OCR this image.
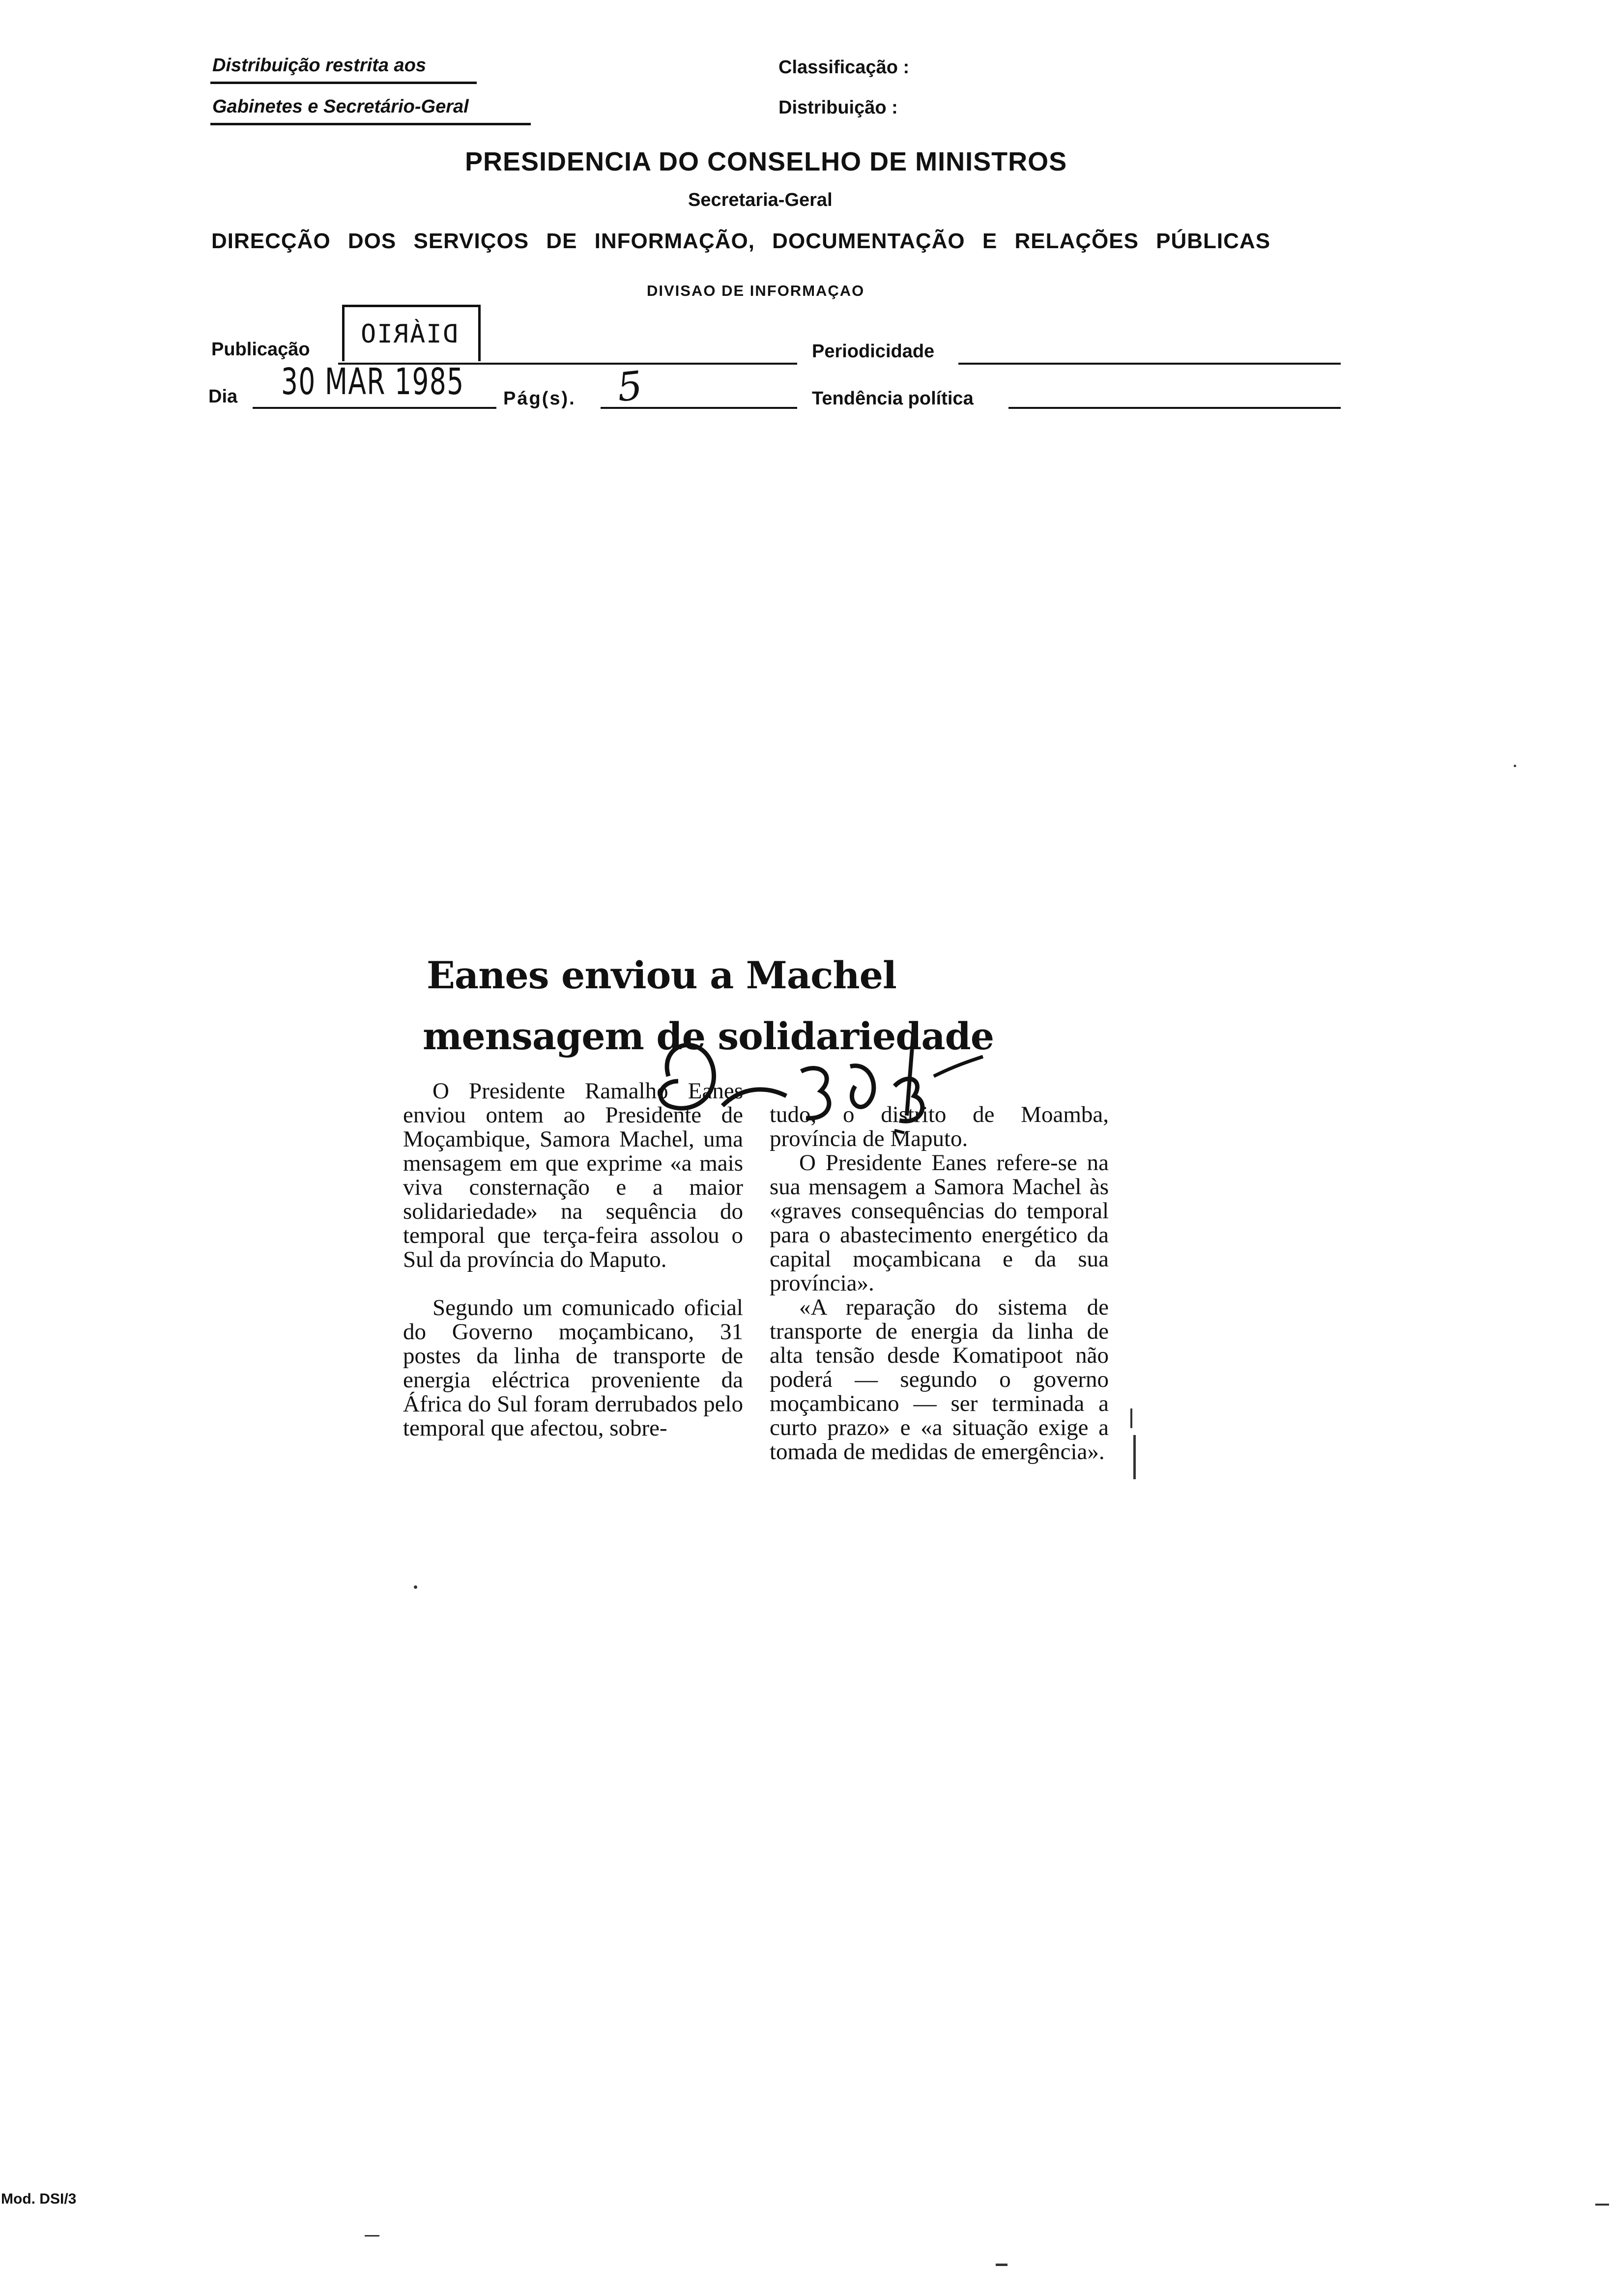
Distribuição restrita aos
Gabinetes e Secretário-Geral
Classificação :
Distribuição :
PRESIDENCIA DO CONSELHO DE MINISTROS
Secretaria-Geral
DIRECÇÃO DOS SERVIÇOS DE INFORMAÇÃO, DOCUMENTAÇÃO E RELAÇÕES PÚBLICAS
DIVISAO DE INFORMAÇAO
Publicação
DIÁRIO
Periodicidade
Dia 30 MAR 1985 Pág(s). 5	Tendência política
Eanes enviou a Machel
mensagem de solidariedade

O Presidente Ramalho Eanes enviou ontem ao Presidente de Moçambique, Samora Machel, uma mensagem em que exprime «a mais viva consternação e a maior solidariedade» na sequência do temporal que terça-feira assolou o Sul da província do Maputo.

Segundo um comunicado oficial do Governo moçambicano, 31 postes da linha de transporte de energia eléctrica proveniente da África do Sul foram derrubados pelo temporal que afectou, sobre-

tudo, o distrito de Moamba, província de Maputo.

O Presidente Eanes refere-se na sua mensagem a Samora Machel às «graves consequências do temporal para o abastecimento energético da capital moçambicana e da sua província».

«A reparação do sistema de transporte de energia da linha de alta tensão desde Komatipoot não poderá — segundo o governo moçambicano — ser terminada a curto prazo» e «a situação exige a tomada de medidas de emergência».

Mod. DSI/3
